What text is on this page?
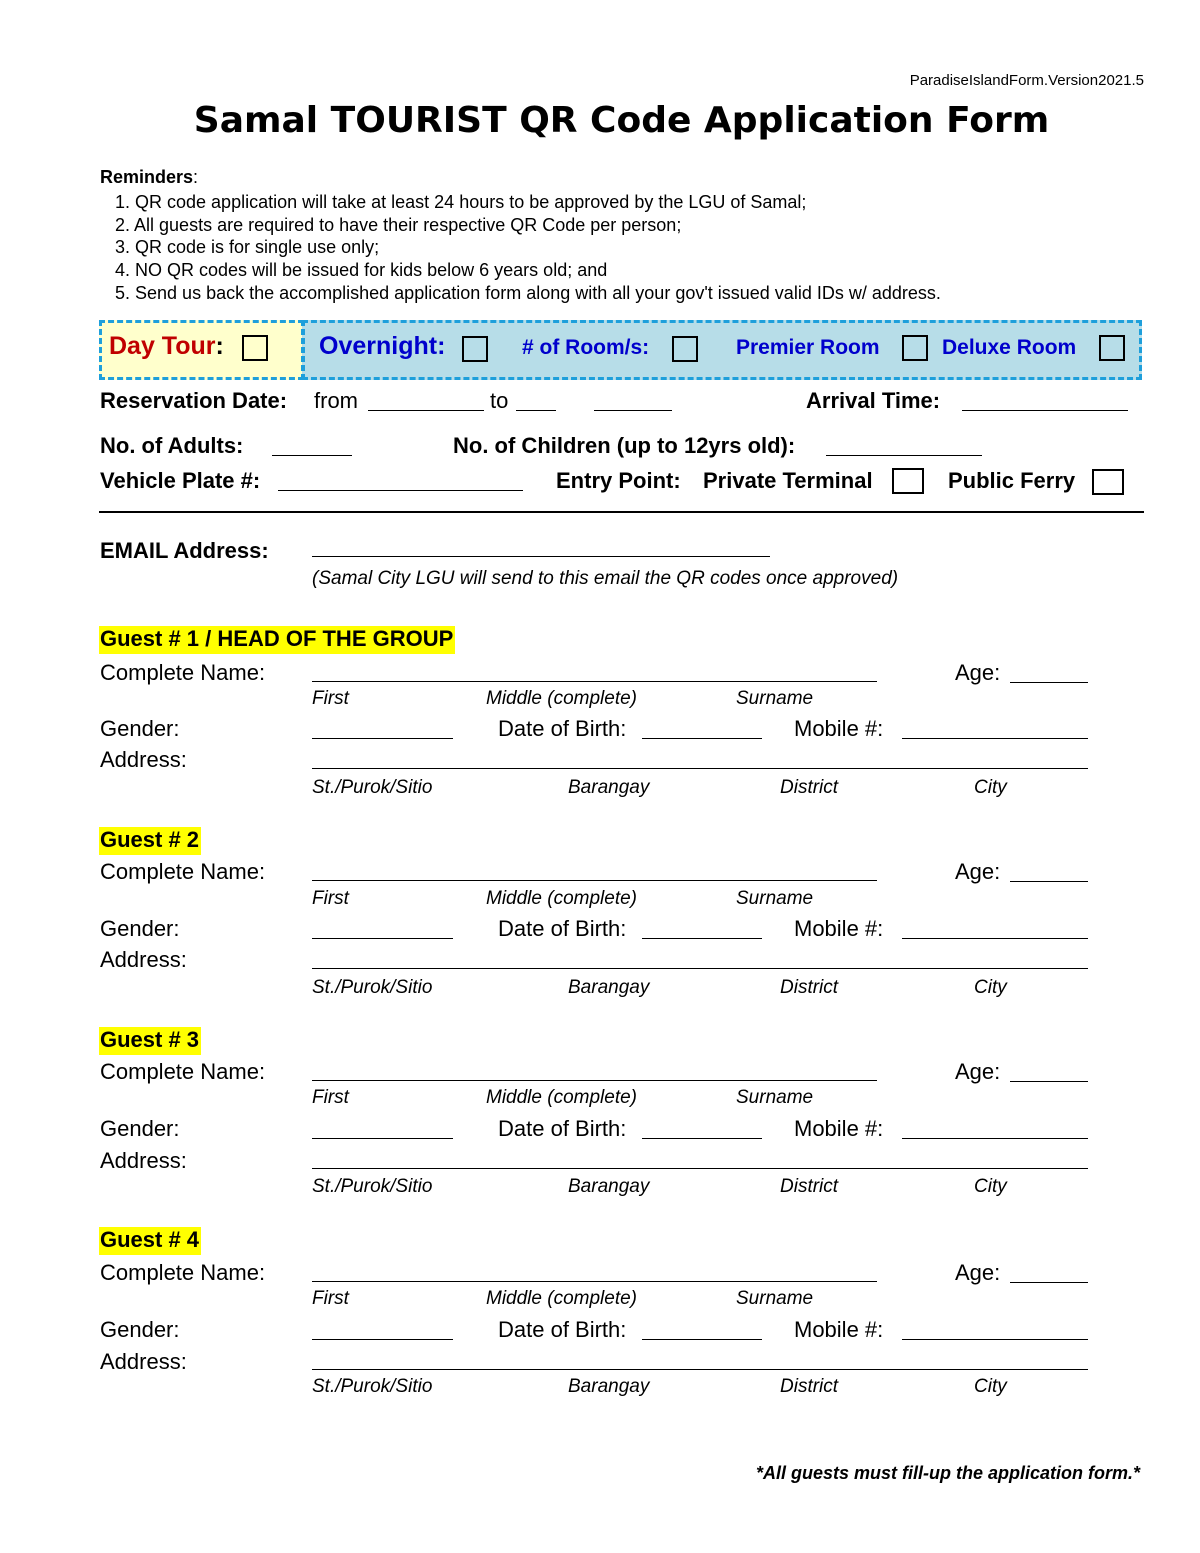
ParadiseIslandForm.Version2021.5
Samal TOURIST QR Code Application Form
Reminders:
1. QR code application will take at least 24 hours to be approved by the LGU of Samal;
2. All guests are required to have their respective QR Code per person;
3. QR code is for single use only;
4. NO QR codes will be issued for kids below 6 years old; and
5. Send us back the accomplished application form along with all your gov't issued valid IDs w/ address.
Day Tour:	Overnight:	# of Room/s:	Premier Room	Deluxe Room
Reservation Date: from	to	Arrival Time:
No. of Adults:	No. of Children (up to 12yrs old):
Vehicle Plate #:	Entry Point: Private Terminal	Public Ferry
EMAIL Address:
(Samal City LGU will send to this email the QR codes once approved)
Guest # 1 / HEAD OF THE GROUP
Complete Name:	Age:
First	Middle (complete)	Surname
Gender:	Date of Birth:	Mobile #:
Address:
St./Purok/Sitio	Barangay	District	City
Guest # 2
Complete Name:	Age:
First	Middle (complete)	Surname
Gender:	Date of Birth:	Mobile #:
Address:
St./Purok/Sitio	Barangay	District	City
Guest # 3
Complete Name:	Age:
First	Middle (complete)	Surname
Gender:	Date of Birth:	Mobile #:
Address:
St./Purok/Sitio	Barangay	District	City
Guest # 4
Complete Name:	Age:
First	Middle (complete)	Surname
Gender:	Date of Birth:	Mobile #:
Address:
St./Purok/Sitio	Barangay	District	City
*All guests must fill-up the application form.*
